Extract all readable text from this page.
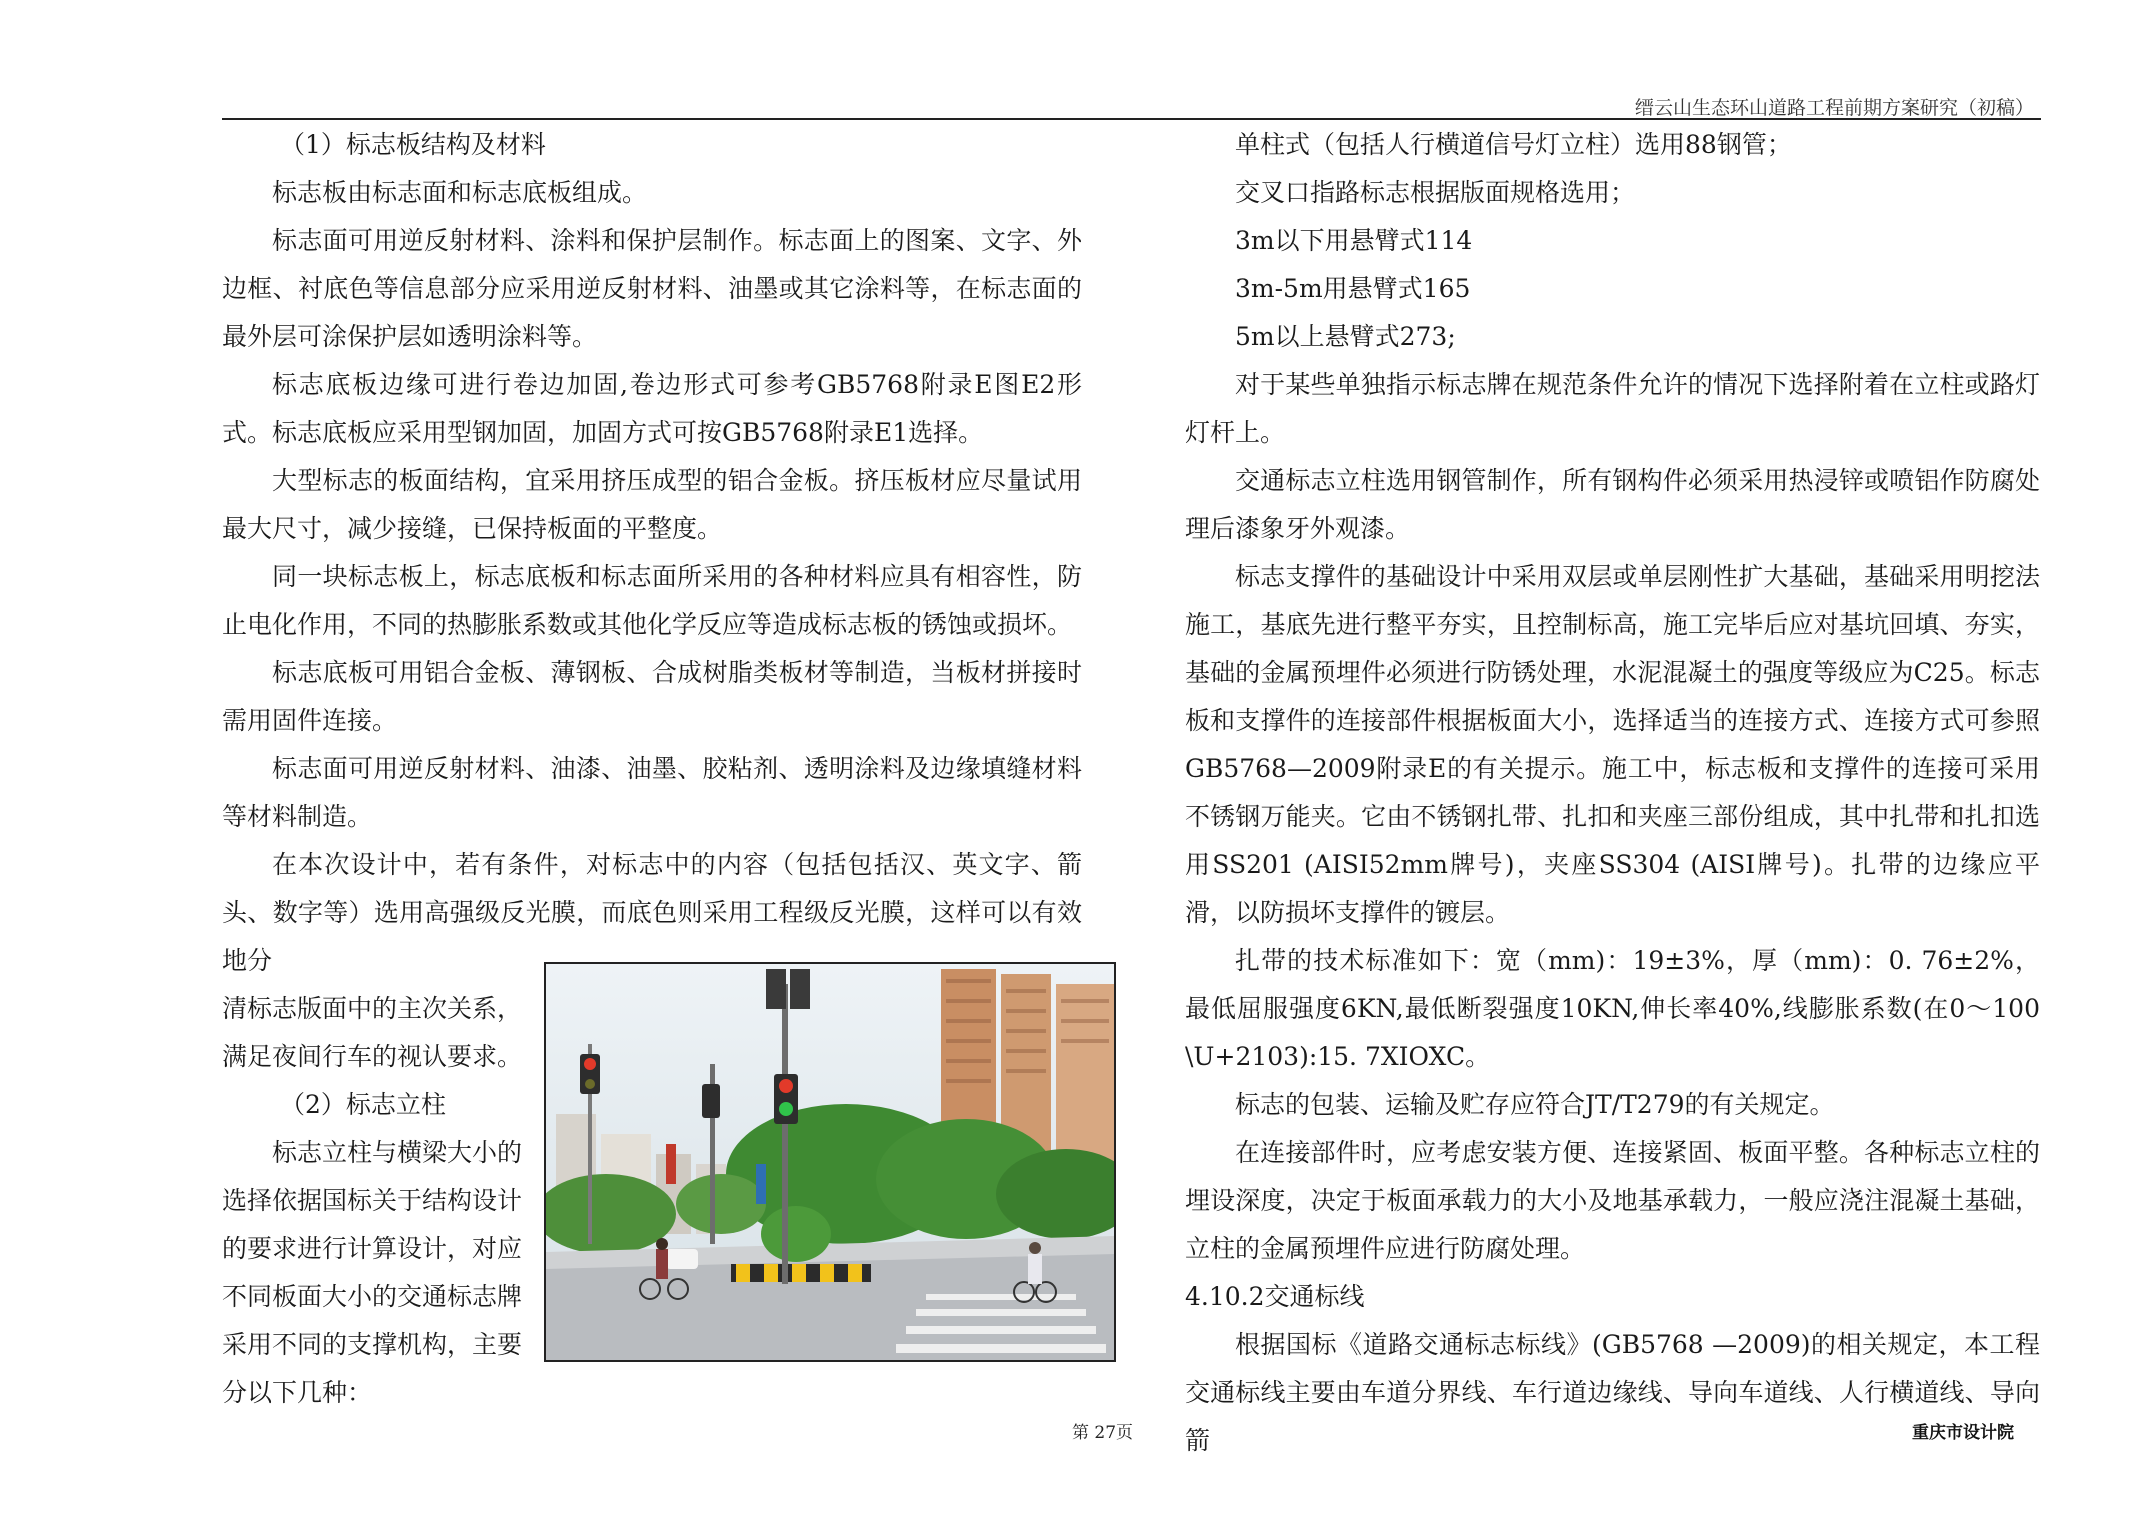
缙云山生态环山道路工程前期方案研究（初稿）

（1）标志板结构及材料

标志板由标志面和标志底板组成。

标志面可用逆反射材料、涂料和保护层制作。标志面上的图案、文字、外边框、衬底色等信息部分应采用逆反射材料、油墨或其它涂料等，在标志面的最外层可涂保护层如透明涂料等。

标志底板边缘可进行卷边加固,卷边形式可参考GB5768附录E图E2形式。标志底板应采用型钢加固，加固方式可按GB5768附录E1选择。

大型标志的板面结构，宜采用挤压成型的铝合金板。挤压板材应尽量试用最大尺寸，减少接缝，已保持板面的平整度。

同一块标志板上，标志底板和标志面所采用的各种材料应具有相容性，防止电化作用，不同的热膨胀系数或其他化学反应等造成标志板的锈蚀或损坏。

标志底板可用铝合金板、薄钢板、合成树脂类板材等制造，当板材拼接时需用固件连接。

标志面可用逆反射材料、油漆、油墨、胶粘剂、透明涂料及边缘填缝材料等材料制造。

在本次设计中，若有条件，对标志中的内容（包括包括汉、英文字、箭头、数字等）选用高强级反光膜，而底色则采用工程级反光膜，这样可以有效地分

清标志版面中的主次关系，

满足夜间行车的视认要求。

（2）标志立柱

标志立柱与横梁大小的

选择依据国标关于结构设计

的要求进行计算设计，对应

不同板面大小的交通标志牌

采用不同的支撑机构，主要

分以下几种：

单柱式（包括人行横道信号灯立柱）选用88钢管；

交叉口指路标志根据版面规格选用；

3m以下用悬臂式114

3m-5m用悬臂式165

5m以上悬臂式273;

对于某些单独指示标志牌在规范条件允许的情况下选择附着在立柱或路灯灯杆上。

交通标志立柱选用钢管制作，所有钢构件必须采用热浸锌或喷铝作防腐处理后漆象牙外观漆。

标志支撑件的基础设计中采用双层或单层刚性扩大基础，基础采用明挖法施工，基底先进行整平夯实，且控制标高，施工完毕后应对基坑回填、夯实，基础的金属预埋件必须进行防锈处理，水泥混凝土的强度等级应为C25。标志板和支撑件的连接部件根据板面大小，选择适当的连接方式、连接方式可参照GB5768—2009附录E的有关提示。施工中，标志板和支撑件的连接可采用不锈钢万能夹。它由不锈钢扎带、扎扣和夹座三部份组成，其中扎带和扎扣选用SS201 (AISI52mm牌号)，夹座SS304 (AISI牌号)。扎带的边缘应平滑，以防损坏支撑件的镀层。

扎带的技术标准如下：宽（mm)：19±3%，厚（mm)：0. 76±2%，最低屈服强度6KN,最低断裂强度10KN,伸长率40%,线膨胀系数(在0～100\U+2103):15. 7XIOXC。

标志的包装、运输及贮存应符合JT/T279的有关规定。

在连接部件时，应考虑安装方便、连接紧固、板面平整。各种标志立柱的埋设深度，决定于板面承载力的大小及地基承载力，一般应浇注混凝土基础，立柱的金属预埋件应进行防腐处理。

4.10.2交通标线

根据国标《道路交通标志标线》(GB5768 —2009)的相关规定，本工程交通标线主要由车道分界线、车行道边缘线、导向车道线、人行横道线、导向箭

第 27页	重庆市设计院
